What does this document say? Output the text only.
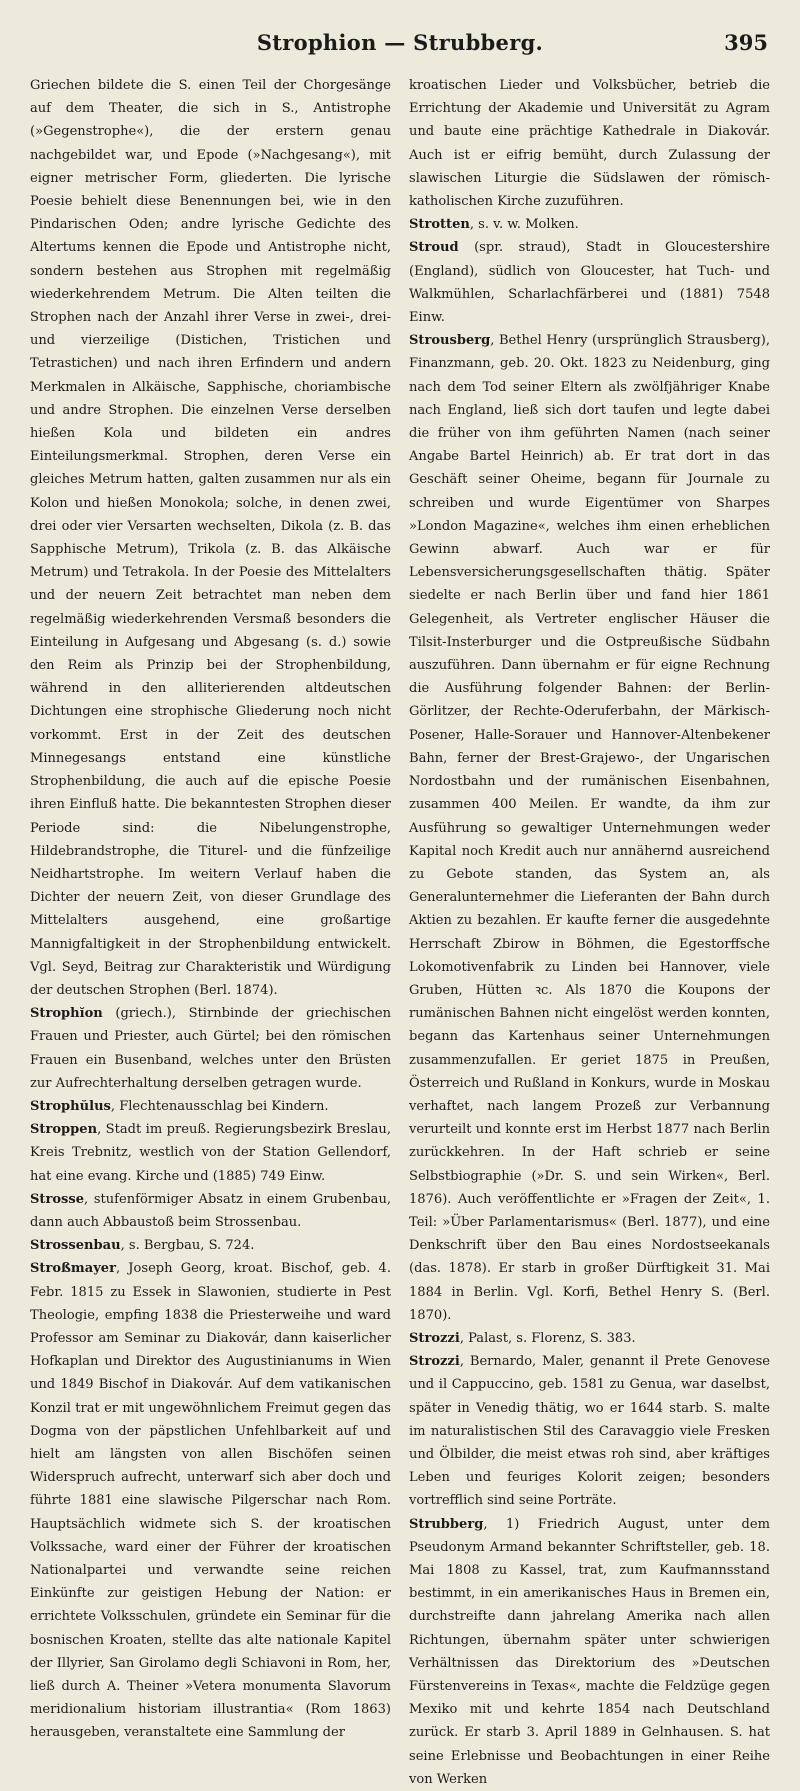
Strophion — Strubberg.	395

Griechen bildete die S. einen Teil der Chorgesänge auf dem Theater, die sich in S., Antistrophe (»Gegenstrophe«), die der erstern genau nachgebildet war, und Epode (»Nachgesang«), mit eigner metrischer Form, gliederten. Die lyrische Poesie behielt diese Benennungen bei, wie in den Pindarischen Oden; andre lyrische Gedichte des Altertums kennen die Epode und Antistrophe nicht, sondern bestehen aus Strophen mit regelmäßig wiederkehrendem Metrum. Die Alten teilten die Strophen nach der Anzahl ihrer Verse in zwei-, drei- und vierzeilige (Distichen, Tristichen und Tetrastichen) und nach ihren Erfindern und andern Merkmalen in Alkäische, Sapphische, choriambische und andre Strophen. Die einzelnen Verse derselben hießen Kola und bildeten ein andres Einteilungsmerkmal. Strophen, deren Verse ein gleiches Metrum hatten, galten zusammen nur als ein Kolon und hießen Monokola; solche, in denen zwei, drei oder vier Versarten wechselten, Dikola (z. B. das Sapphische Metrum), Trikola (z. B. das Alkäische Metrum) und Tetrakola. In der Poesie des Mittelalters und der neuern Zeit betrachtet man neben dem regelmäßig wiederkehrenden Versmaß besonders die Einteilung in Aufgesang und Abgesang (s. d.) sowie den Reim als Prinzip bei der Strophenbildung, während in den alliterierenden altdeutschen Dichtungen eine strophische Gliederung noch nicht vorkommt. Erst in der Zeit des deutschen Minnegesangs entstand eine künstliche Strophenbildung, die auch auf die epische Poesie ihren Einfluß hatte. Die bekanntesten Strophen dieser Periode sind: die Nibelungenstrophe, Hildebrandstrophe, die Titurel- und die fünfzeilige Neidhartstrophe. Im weitern Verlauf haben die Dichter der neuern Zeit, von dieser Grundlage des Mittelalters ausgehend, eine großartige Mannigfaltigkeit in der Strophenbildung entwickelt. Vgl. Seyd, Beitrag zur Charakteristik und Würdigung der deutschen Strophen (Berl. 1874).

Strophĭon (griech.), Stirnbinde der griechischen Frauen und Priester, auch Gürtel; bei den römischen Frauen ein Busenband, welches unter den Brüsten zur Aufrechterhaltung derselben getragen wurde.

Strophŭlus, Flechtenausschlag bei Kindern.

Stroppen, Stadt im preuß. Regierungsbezirk Breslau, Kreis Trebnitz, westlich von der Station Gellendorf, hat eine evang. Kirche und (1885) 749 Einw.

Strosse, stufenförmiger Absatz in einem Grubenbau, dann auch Abbaustoß beim Strossenbau.

Strossenbau, s. Bergbau, S. 724.

Stroßmayer, Joseph Georg, kroat. Bischof, geb. 4. Febr. 1815 zu Essek in Slawonien, studierte in Pest Theologie, empfing 1838 die Priesterweihe und ward Professor am Seminar zu Diakovár, dann kaiserlicher Hofkaplan und Direktor des Augustinianums in Wien und 1849 Bischof in Diakovár. Auf dem vatikanischen Konzil trat er mit ungewöhnlichem Freimut gegen das Dogma von der päpstlichen Unfehlbarkeit auf und hielt am längsten von allen Bischöfen seinen Widerspruch aufrecht, unterwarf sich aber doch und führte 1881 eine slawische Pilgerschar nach Rom. Hauptsächlich widmete sich S. der kroatischen Volkssache, ward einer der Führer der kroatischen Nationalpartei und verwandte seine reichen Einkünfte zur geistigen Hebung der Nation: er errichtete Volksschulen, gründete ein Seminar für die bosnischen Kroaten, stellte das alte nationale Kapitel der Illyrier, San Girolamo degli Schiavoni in Rom, her, ließ durch A. Theiner »Vetera monumenta Slavorum meridionalium historiam illustrantia« (Rom 1863) herausgeben, veranstaltete eine Sammlung der

kroatischen Lieder und Volksbücher, betrieb die Errichtung der Akademie und Universität zu Agram und baute eine prächtige Kathedrale in Diakovár. Auch ist er eifrig bemüht, durch Zulassung der slawischen Liturgie die Südslawen der römisch-katholischen Kirche zuzuführen.

Strotten, s. v. w. Molken.

Stroud (spr. straud), Stadt in Gloucestershire (England), südlich von Gloucester, hat Tuch- und Walkmühlen, Scharlachfärberei und (1881) 7548 Einw.

Strousberg, Bethel Henry (ursprünglich Strausberg), Finanzmann, geb. 20. Okt. 1823 zu Neidenburg, ging nach dem Tod seiner Eltern als zwölfjähriger Knabe nach England, ließ sich dort taufen und legte dabei die früher von ihm geführten Namen (nach seiner Angabe Bartel Heinrich) ab. Er trat dort in das Geschäft seiner Oheime, begann für Journale zu schreiben und wurde Eigentümer von Sharpes »London Magazine«, welches ihm einen erheblichen Gewinn abwarf. Auch war er für Lebensversicherungsgesellschaften thätig. Später siedelte er nach Berlin über und fand hier 1861 Gelegenheit, als Vertreter englischer Häuser die Tilsit-Insterburger und die Ostpreußische Südbahn auszuführen. Dann übernahm er für eigne Rechnung die Ausführung folgender Bahnen: der Berlin-Görlitzer, der Rechte-Oderuferbahn, der Märkisch-Posener, Halle-Sorauer und Hannover-Altenbekener Bahn, ferner der Brest-Grajewo-, der Ungarischen Nordostbahn und der rumänischen Eisenbahnen, zusammen 400 Meilen. Er wandte, da ihm zur Ausführung so gewaltiger Unternehmungen weder Kapital noch Kredit auch nur annähernd ausreichend zu Gebote standen, das System an, als Generalunternehmer die Lieferanten der Bahn durch Aktien zu bezahlen. Er kaufte ferner die ausgedehnte Herrschaft Zbirow in Böhmen, die Egestorffsche Lokomotivenfabrik zu Linden bei Hannover, viele Gruben, Hütten ꝛc. Als 1870 die Koupons der rumänischen Bahnen nicht eingelöst werden konnten, begann das Kartenhaus seiner Unternehmungen zusammenzufallen. Er geriet 1875 in Preußen, Österreich und Rußland in Konkurs, wurde in Moskau verhaftet, nach langem Prozeß zur Verbannung verurteilt und konnte erst im Herbst 1877 nach Berlin zurückkehren. In der Haft schrieb er seine Selbstbiographie (»Dr. S. und sein Wirken«, Berl. 1876). Auch veröffentlichte er »Fragen der Zeit«, 1. Teil: »Über Parlamentarismus« (Berl. 1877), und eine Denkschrift über den Bau eines Nordostseekanals (das. 1878). Er starb in großer Dürftigkeit 31. Mai 1884 in Berlin. Vgl. Korfi, Bethel Henry S. (Berl. 1870).

Strozzi, Palast, s. Florenz, S. 383.

Strozzi, Bernardo, Maler, genannt il Prete Genovese und il Cappuccino, geb. 1581 zu Genua, war daselbst, später in Venedig thätig, wo er 1644 starb. S. malte im naturalistischen Stil des Caravaggio viele Fresken und Ölbilder, die meist etwas roh sind, aber kräftiges Leben und feuriges Kolorit zeigen; besonders vortrefflich sind seine Porträte.

Strubberg, 1) Friedrich August, unter dem Pseudonym Armand bekannter Schriftsteller, geb. 18. Mai 1808 zu Kassel, trat, zum Kaufmannsstand bestimmt, in ein amerikanisches Haus in Bremen ein, durchstreifte dann jahrelang Amerika nach allen Richtungen, übernahm später unter schwierigen Verhältnissen das Direktorium des »Deutschen Fürstenvereins in Texas«, machte die Feldzüge gegen Mexiko mit und kehrte 1854 nach Deutschland zurück. Er starb 3. April 1889 in Gelnhausen. S. hat seine Erlebnisse und Beobachtungen in einer Reihe von Werken
